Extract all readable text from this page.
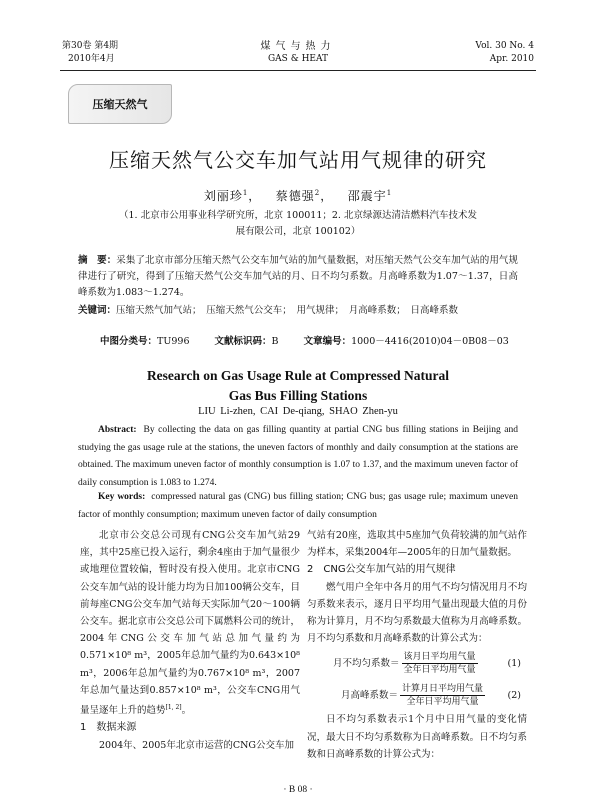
第30卷 第4期
2010年4月
煤气与热力
GAS & HEAT
Vol. 30 No. 4
Apr. 2010
压缩天然气
压缩天然气公交车加气站用气规律的研究
刘丽珍$^1$，   蔡德强$^2$，   邵震宇$^1$
（1. 北京市公用事业科学研究所，北京 100011；2. 北京绿源达清洁燃料汽车技术发展有限公司，北京 100102）
摘　要：采集了北京市部分压缩天然气公交车加气站的加气量数据，对压缩天然气公交车加气站的用气规律进行了研究，得到了压缩天然气公交车加气站的月、日不均匀系数。月高峰系数为1.07～1.37，日高峰系数为1.083～1.274。
关键词：压缩天然气加气站；　压缩天然气公交车；　用气规律；　月高峰系数；　日高峰系数
中图分类号：TU996	文献标识码：B	文章编号：1000－4416(2010)04－0B08－03
Research on Gas Usage Rule at Compressed Natural
Gas Bus Filling Stations
LIU Li-zhen, CAI De-qiang, SHAO Zhen-yu
Abstract: By collecting the data on gas filling quantity at partial CNG bus filling stations in Beijing and studying the gas usage rule at the stations, the uneven factors of monthly and daily consumption at the stations are obtained. The maximum uneven factor of monthly consumption is 1.07 to 1.37, and the maximum uneven factor of daily consumption is 1.083 to 1.274.
Key words: compressed natural gas (CNG) bus filling station; CNG bus; gas usage rule; maximum uneven factor of monthly consumption; maximum uneven factor of daily consumption

北京市公交总公司现有CNG公交车加气站29座，其中25座已投入运行，剩余4座由于加气量很少或地理位置较偏，暂时没有投入使用。北京市CNG公交车加气站的设计能力均为日加100辆公交车，目前每座CNG公交车加气站每天实际加气20～100辆公交车。据北京市公交总公司下属燃料公司的统计，2004年CNG公交车加气站总加气量约为0.571×10⁸ m³，2005年总加气量约为0.643×10⁸ m³，2006年总加气量约为0.767×10⁸ m³，2007年总加气量达到0.857×10⁸ m³，公交车CNG用气量呈逐年上升的趋势[1, 2]。

1　数据来源

2004年、2005年北京市运营的CNG公交车加

气站有20座，选取其中5座加气负荷较满的加气站作为样本，采集2004年—2005年的日加气量数据。

2　CNG公交车加气站的用气规律

燃气用户全年中各月的用气不均匀情况用月不均匀系数来表示，逐月日平均用气量出现最大值的月份称为计算月，月不均匀系数最大值称为月高峰系数。月不均匀系数和月高峰系数的计算公式为：

月不均匀系数＝ $\frac{\text{该月日平均用气量}}{\text{全年日平均用气量}}$	(1)
月高峰系数＝ $\frac{\text{计算月日平均用气量}}{\text{全年日平均用气量}} (2)$

日不均匀系数表示1个月中日用气量的变化情况，最大日不均匀系数称为日高峰系数。日不均匀系数和日高峰系数的计算公式为：

· B 08 ·
